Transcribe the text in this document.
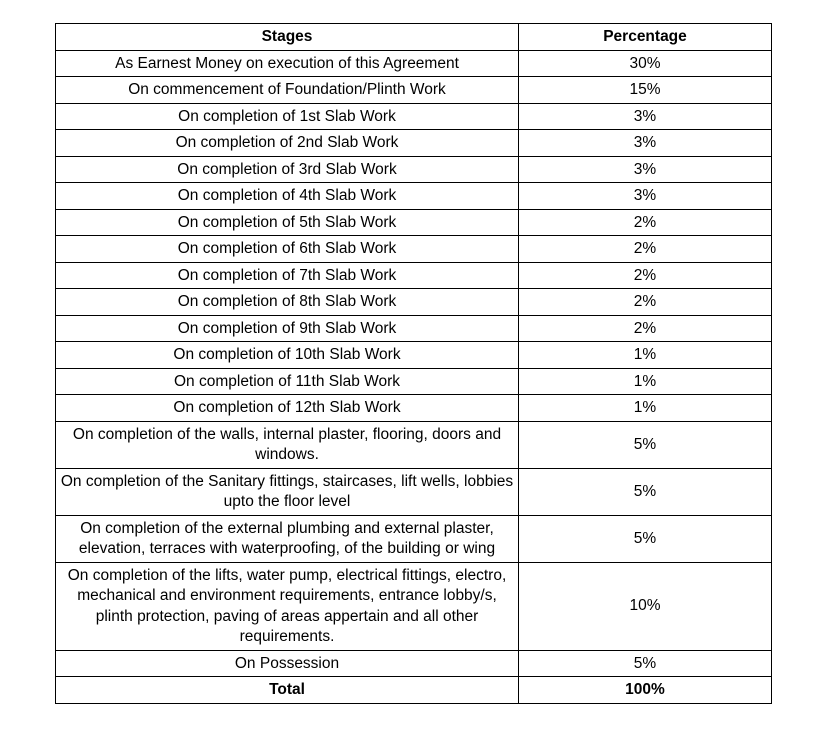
Stages	Percentage
As Earnest Money on execution of this Agreement	30%
On commencement of Foundation/Plinth Work	15%
On completion of 1st Slab Work	3%
On completion of 2nd Slab Work	3%
On completion of 3rd Slab Work	3%
On completion of 4th Slab Work	3%
On completion of 5th Slab Work	2%
On completion of 6th Slab Work	2%
On completion of 7th Slab Work	2%
On completion of 8th Slab Work	2%
On completion of 9th Slab Work	2%
On completion of 10th Slab Work	1%
On completion of 11th Slab Work	1%
On completion of 12th Slab Work	1%
On completion of the walls, internal plaster, flooring, doors and windows.	5%
On completion of the Sanitary fittings, staircases, lift wells, lobbies upto the floor level	5%
On completion of the external plumbing and external plaster, elevation, terraces with waterproofing, of the building or wing	5%
On completion of the lifts, water pump, electrical fittings, electro, mechanical and environment requirements, entrance lobby/s, plinth protection, paving of areas appertain and all other requirements.	10%
On Possession	5%
Total	100%
